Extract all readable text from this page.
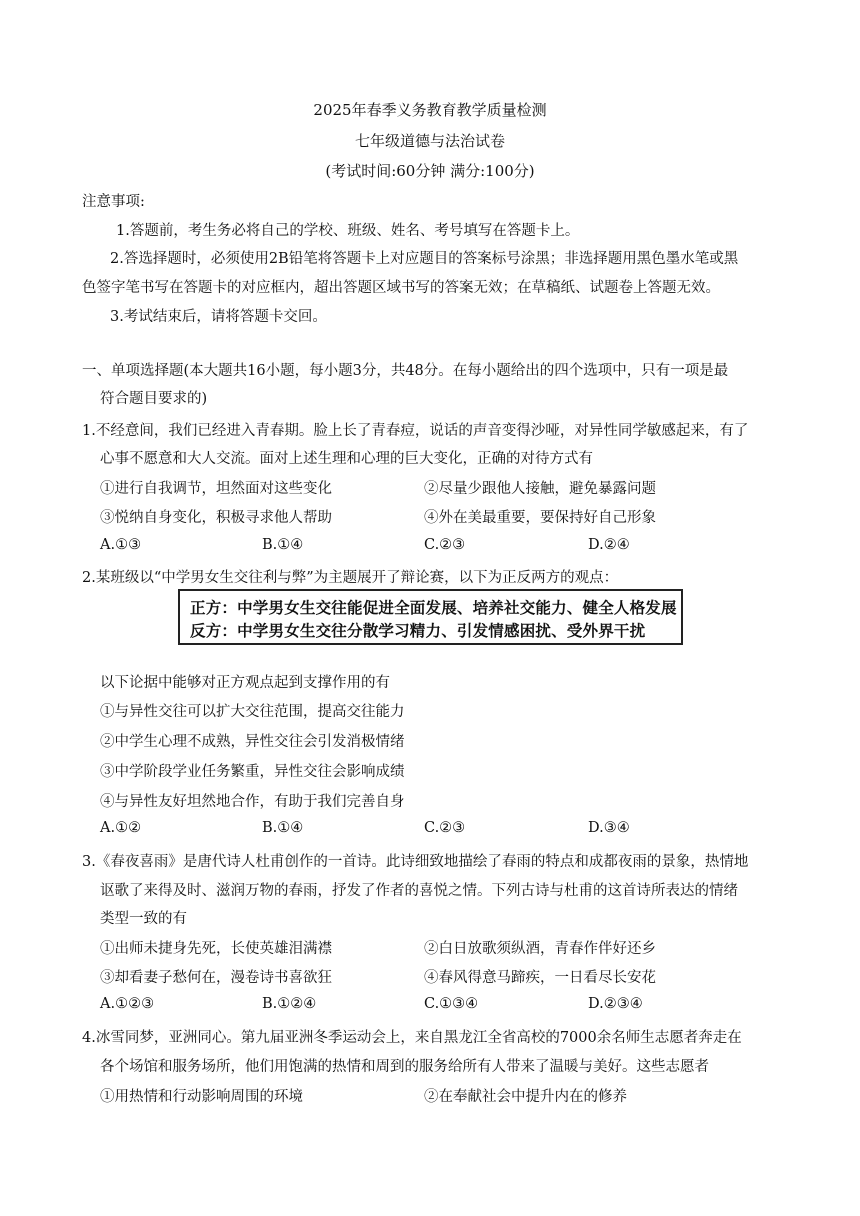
2025年春季义务教育教学质量检测
七年级道德与法治试卷
(考试时间:60分钟 满分:100分)
注意事项:
1.答题前，考生务必将自己的学校、班级、姓名、考号填写在答题卡上。
2.答选择题时，必须使用2B铅笔将答题卡上对应题目的答案标号涂黑；非选择题用黑色墨水笔或黑
色签字笔书写在答题卡的对应框内，超出答题区域书写的答案无效；在草稿纸、试题卷上答题无效。
3.考试结束后，请将答题卡交回。
一、单项选择题(本大题共16小题，每小题3分，共48分。在每小题给出的四个选项中，只有一项是最
符合题目要求的)
1.不经意间，我们已经进入青春期。脸上长了青春痘，说话的声音变得沙哑，对异性同学敏感起来，有了
心事不愿意和大人交流。面对上述生理和心理的巨大变化，正确的对待方式有
①进行自我调节，坦然面对这些变化	②尽量少跟他人接触，避免暴露问题
③悦纳自身变化，积极寻求他人帮助	④外在美最重要，要保持好自己形象
A.①③	B.①④	C.②③	D.②④
2.某班级以“中学男女生交往利与弊”为主题展开了辩论赛，以下为正反两方的观点：
正方：中学男女生交往能促进全面发展、培养社交能力、健全人格发展
反方：中学男女生交往分散学习精力、引发情感困扰、受外界干扰
以下论据中能够对正方观点起到支撑作用的有
①与异性交往可以扩大交往范围，提高交往能力
②中学生心理不成熟，异性交往会引发消极情绪
③中学阶段学业任务繁重，异性交往会影响成绩
④与异性友好坦然地合作，有助于我们完善自身
A.①②	B.①④	C.②③	D.③④
3.《春夜喜雨》是唐代诗人杜甫创作的一首诗。此诗细致地描绘了春雨的特点和成都夜雨的景象，热情地
讴歌了来得及时、滋润万物的春雨，抒发了作者的喜悦之情。下列古诗与杜甫的这首诗所表达的情绪
类型一致的有
①出师未捷身先死，长使英雄泪满襟	②白日放歌须纵酒，青春作伴好还乡
③却看妻子愁何在，漫卷诗书喜欲狂	④春风得意马蹄疾，一日看尽长安花
A.①②③	B.①②④	C.①③④	D.②③④
4.冰雪同梦，亚洲同心。第九届亚洲冬季运动会上，来自黑龙江全省高校的7000余名师生志愿者奔走在
各个场馆和服务场所，他们用饱满的热情和周到的服务给所有人带来了温暖与美好。这些志愿者
①用热情和行动影响周围的环境	②在奉献社会中提升内在的修养
